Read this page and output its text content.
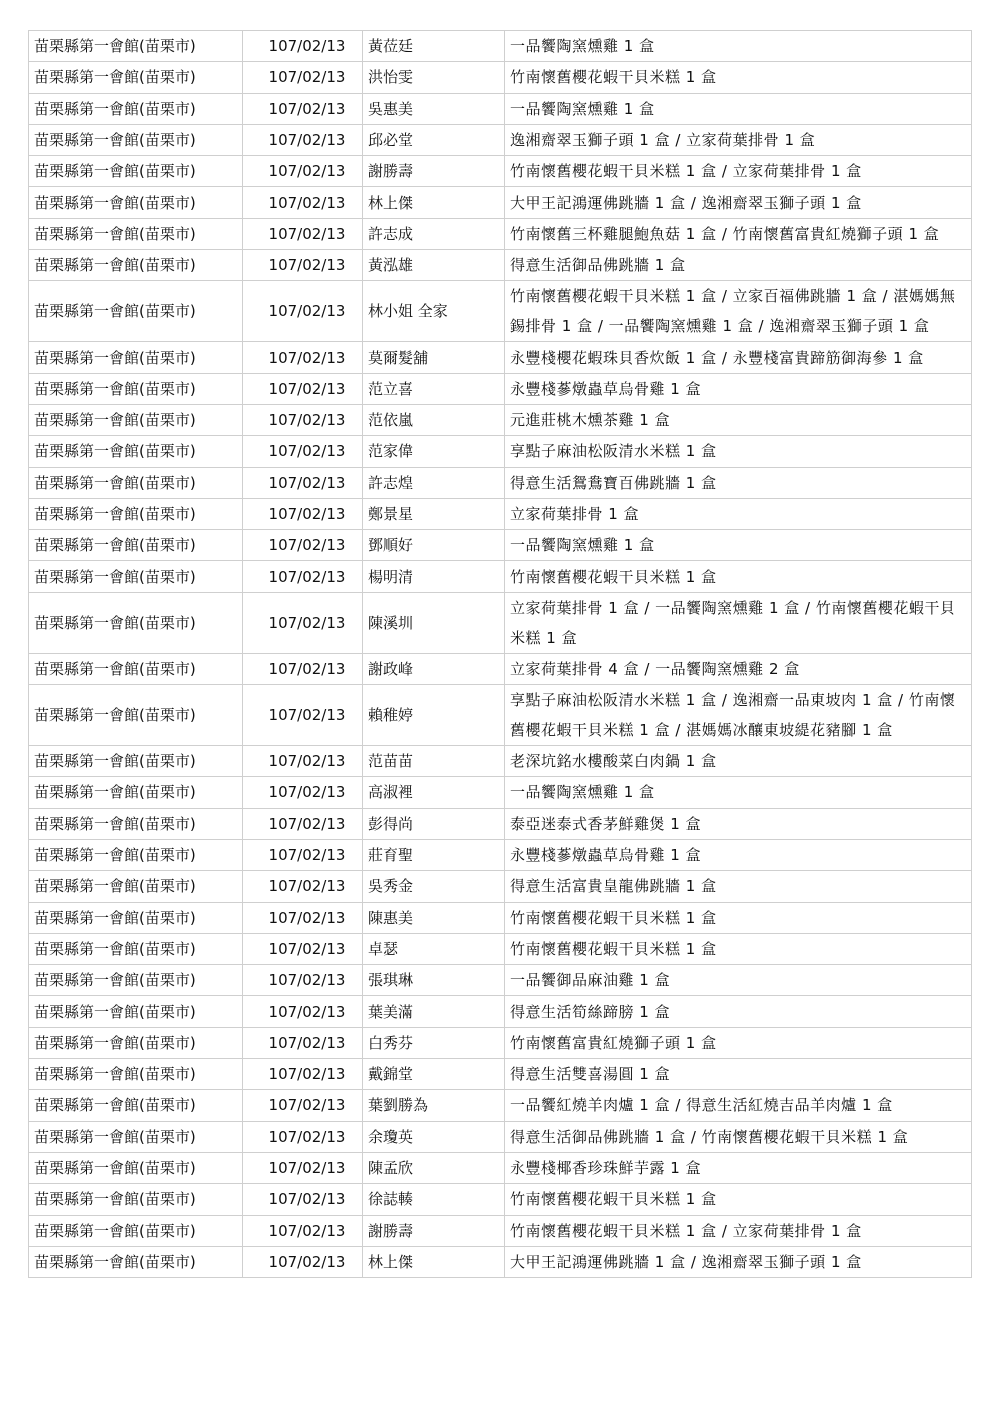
苗栗縣第一會館(苗栗市)	107/02/13	黃莅廷	一品饗陶窯燻雞 1 盒
苗栗縣第一會館(苗栗市)	107/02/13	洪怡雯	竹南懷舊櫻花蝦干貝米糕 1 盒
苗栗縣第一會館(苗栗市)	107/02/13	吳惠美	一品饗陶窯燻雞 1 盒
苗栗縣第一會館(苗栗市)	107/02/13	邱必堂	逸湘齋翠玉獅子頭 1 盒 / 立家荷葉排骨 1 盒
苗栗縣第一會館(苗栗市)	107/02/13	謝勝壽	竹南懷舊櫻花蝦干貝米糕 1 盒 / 立家荷葉排骨 1 盒
苗栗縣第一會館(苗栗市)	107/02/13	林上傑	大甲王記鴻運佛跳牆 1 盒 / 逸湘齋翠玉獅子頭 1 盒
苗栗縣第一會館(苗栗市)	107/02/13	許志成	竹南懷舊三杯雞腿鮑魚菇 1 盒 / 竹南懷舊富貴紅燒獅子頭 1 盒
苗栗縣第一會館(苗栗市)	107/02/13	黃泓雄	得意生活御品佛跳牆 1 盒
苗栗縣第一會館(苗栗市)	107/02/13	林小姐 全家	竹南懷舊櫻花蝦干貝米糕 1 盒 / 立家百福佛跳牆 1 盒 / 湛媽媽無錫排骨 1 盒 / 一品饗陶窯燻雞 1 盒 / 逸湘齋翠玉獅子頭 1 盒
苗栗縣第一會館(苗栗市)	107/02/13	莫爾髮舖	永豐棧櫻花蝦珠貝香炊飯 1 盒 / 永豐棧富貴蹄筋御海參 1 盒
苗栗縣第一會館(苗栗市)	107/02/13	范立喜	永豐棧蔘燉蟲草烏骨雞 1 盒
苗栗縣第一會館(苗栗市)	107/02/13	范依嵐	元進莊桃木燻茶雞 1 盒
苗栗縣第一會館(苗栗市)	107/02/13	范家偉	享點子麻油松阪清水米糕 1 盒
苗栗縣第一會館(苗栗市)	107/02/13	許志煌	得意生活鴛鴦寶百佛跳牆 1 盒
苗栗縣第一會館(苗栗市)	107/02/13	鄭景星	立家荷葉排骨 1 盒
苗栗縣第一會館(苗栗市)	107/02/13	鄧順好	一品饗陶窯燻雞 1 盒
苗栗縣第一會館(苗栗市)	107/02/13	楊明清	竹南懷舊櫻花蝦干貝米糕 1 盒
苗栗縣第一會館(苗栗市)	107/02/13	陳溪圳	立家荷葉排骨 1 盒 / 一品饗陶窯燻雞 1 盒 / 竹南懷舊櫻花蝦干貝米糕 1 盒
苗栗縣第一會館(苗栗市)	107/02/13	謝政峰	立家荷葉排骨 4 盒 / 一品饗陶窯燻雞 2 盒
苗栗縣第一會館(苗栗市)	107/02/13	賴稚婷	享點子麻油松阪清水米糕 1 盒 / 逸湘齋一品東坡肉 1 盒 / 竹南懷舊櫻花蝦干貝米糕 1 盒 / 湛媽媽冰釀東坡緹花豬腳 1 盒
苗栗縣第一會館(苗栗市)	107/02/13	范苗苗	老深坑銘水樓酸菜白肉鍋 1 盒
苗栗縣第一會館(苗栗市)	107/02/13	高淑裡	一品饗陶窯燻雞 1 盒
苗栗縣第一會館(苗栗市)	107/02/13	彭得尚	泰亞迷泰式香茅鮮雞煲 1 盒
苗栗縣第一會館(苗栗市)	107/02/13	莊育聖	永豐棧蔘燉蟲草烏骨雞 1 盒
苗栗縣第一會館(苗栗市)	107/02/13	吳秀金	得意生活富貴皇龍佛跳牆 1 盒
苗栗縣第一會館(苗栗市)	107/02/13	陳惠美	竹南懷舊櫻花蝦干貝米糕 1 盒
苗栗縣第一會館(苗栗市)	107/02/13	卓瑟	竹南懷舊櫻花蝦干貝米糕 1 盒
苗栗縣第一會館(苗栗市)	107/02/13	張琪琳	一品饗御品麻油雞 1 盒
苗栗縣第一會館(苗栗市)	107/02/13	葉美滿	得意生活筍絲蹄膀 1 盒
苗栗縣第一會館(苗栗市)	107/02/13	白秀芬	竹南懷舊富貴紅燒獅子頭 1 盒
苗栗縣第一會館(苗栗市)	107/02/13	戴錦堂	得意生活雙喜湯圓 1 盒
苗栗縣第一會館(苗栗市)	107/02/13	葉劉勝為	一品饗紅燒羊肉爐 1 盒 / 得意生活紅燒吉品羊肉爐 1 盒
苗栗縣第一會館(苗栗市)	107/02/13	余瓊英	得意生活御品佛跳牆 1 盒 / 竹南懷舊櫻花蝦干貝米糕 1 盒
苗栗縣第一會館(苗栗市)	107/02/13	陳孟欣	永豐棧椰香珍珠鮮芋露 1 盒
苗栗縣第一會館(苗栗市)	107/02/13	徐誌輳	竹南懷舊櫻花蝦干貝米糕 1 盒
苗栗縣第一會館(苗栗市)	107/02/13	謝勝壽	竹南懷舊櫻花蝦干貝米糕 1 盒 / 立家荷葉排骨 1 盒
苗栗縣第一會館(苗栗市)	107/02/13	林上傑	大甲王記鴻運佛跳牆 1 盒 / 逸湘齋翠玉獅子頭 1 盒
